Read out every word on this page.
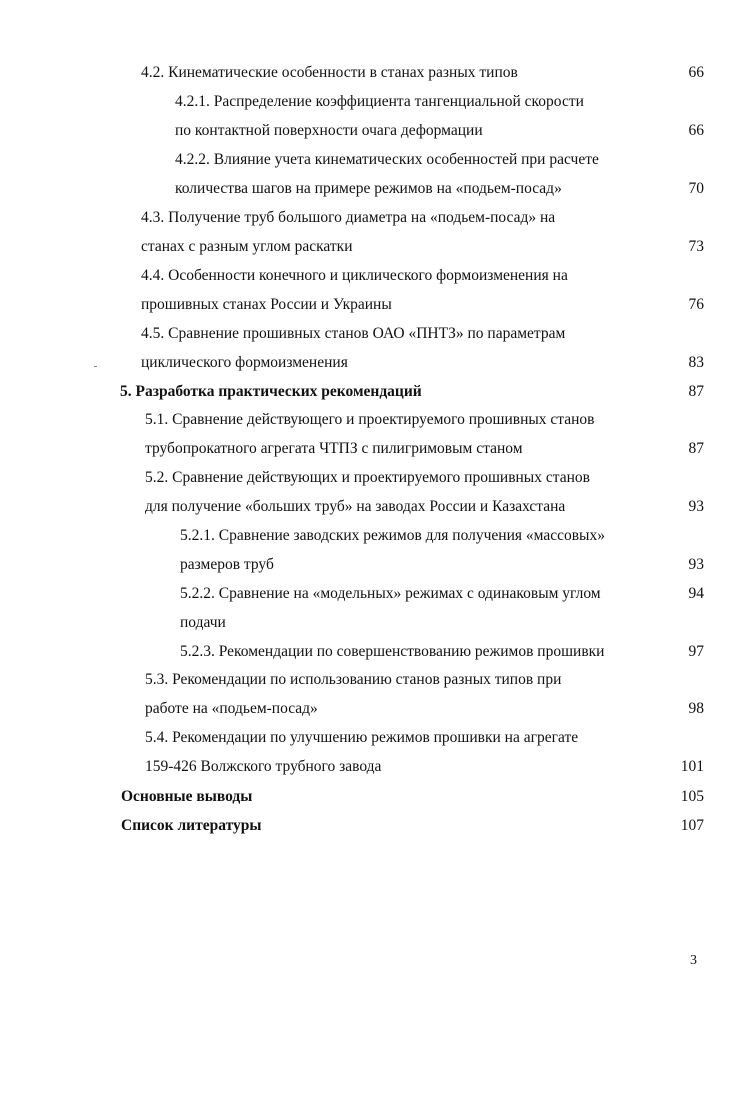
4.2. Кинематические особенности в станах разных типов	66
4.2.1. Распределение коэффициента тангенциальной скорости
по контактной поверхности очага деформации	66
4.2.2. Влияние учета кинематических особенностей при расчете
количества шагов на примере режимов на «подьем-посад»	70
4.3. Получение труб большого диаметра на «подьем-посад» на
станах с разным углом раскатки	73
4.4. Особенности конечного и циклического формоизменения на
прошивных станах России и Украины	76
4.5. Сравнение прошивных станов ОАО «ПНТЗ» по параметрам
циклического формоизменения	83
5. Разработка практических рекомендаций	87
5.1. Сравнение действующего и проектируемого прошивных станов
трубопрокатного агрегата ЧТПЗ с пилигримовым станом	87
5.2. Сравнение действующих и проектируемого прошивных станов
для получение «больших труб» на заводах России и Казахстана	93
5.2.1. Сравнение заводских режимов для получения «массовых»
размеров труб	93
5.2.2. Сравнение на «модельных» режимах с одинаковым углом	94
подачи
5.2.3. Рекомендации по совершенствованию режимов прошивки	97
5.3. Рекомендации по использованию станов разных типов при
работе на «подьем-посад»	98
5.4. Рекомендации по улучшению режимов прошивки на агрегате
159-426 Волжского трубного завода	101
Основные выводы	105
Список литературы	107
3
